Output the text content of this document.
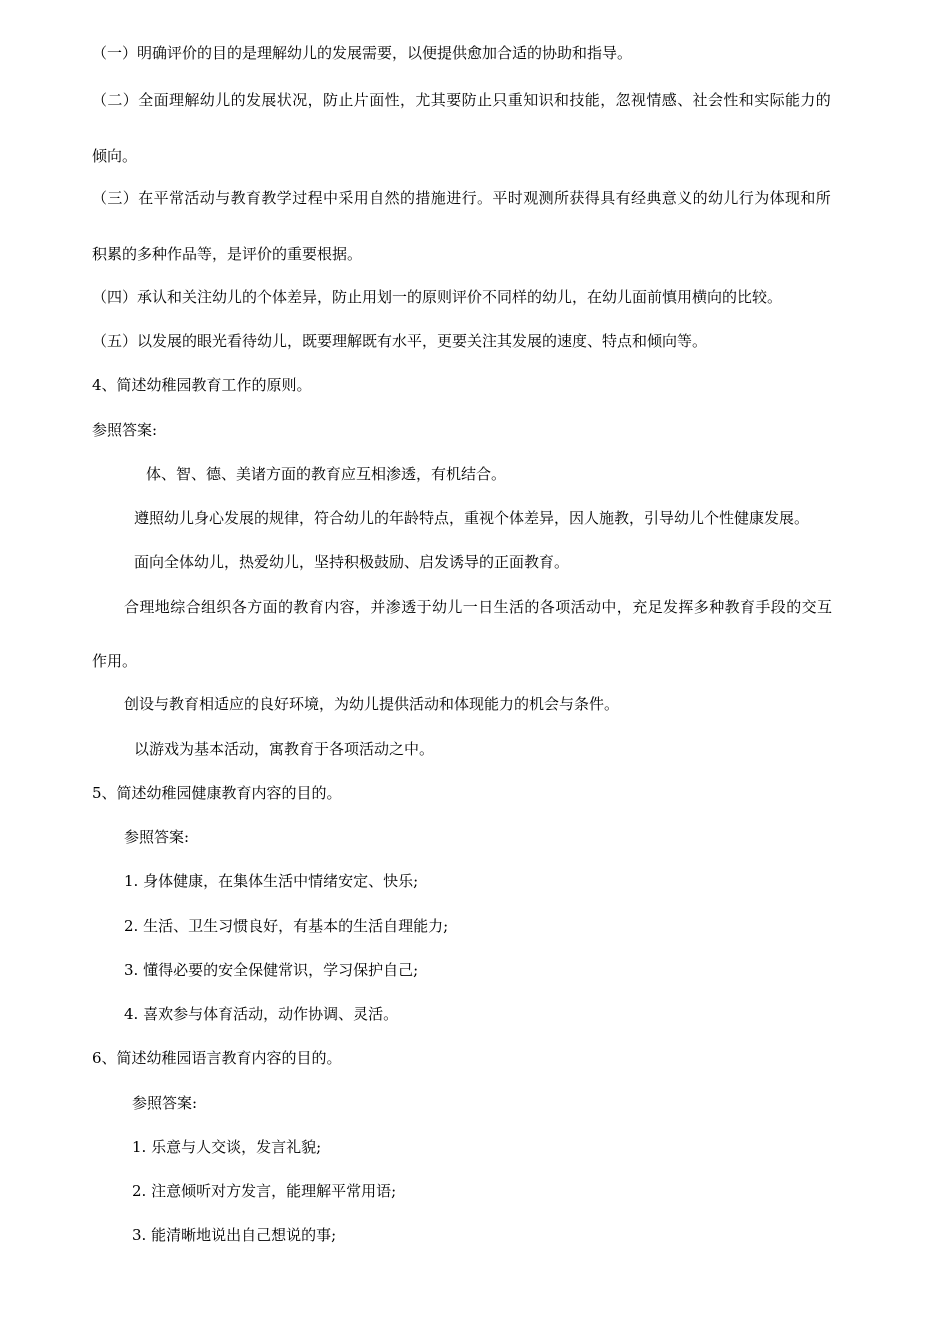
（一）明确评价的目的是理解幼儿的发展需要，以便提供愈加合适的协助和指导。
（二）全面理解幼儿的发展状况，防止片面性，尤其要防止只重知识和技能，忽视情感、社会性和实际能力的
倾向。
（三）在平常活动与教育教学过程中采用自然的措施进行。平时观测所获得具有经典意义的幼儿行为体现和所
积累的多种作品等，是评价的重要根据。
（四）承认和关注幼儿的个体差异，防止用划一的原则评价不同样的幼儿，在幼儿面前慎用横向的比较。
（五）以发展的眼光看待幼儿，既要理解既有水平，更要关注其发展的速度、特点和倾向等。
4、简述幼稚园教育工作的原则。
参照答案:
体、智、德、美诸方面的教育应互相渗透，有机结合。
遵照幼儿身心发展的规律，符合幼儿的年龄特点，重视个体差异，因人施教，引导幼儿个性健康发展。
面向全体幼儿，热爱幼儿，坚持积极鼓励、启发诱导的正面教育。
合理地综合组织各方面的教育内容，并渗透于幼儿一日生活的各项活动中，充足发挥多种教育手段的交互
作用。
创设与教育相适应的良好环境，为幼儿提供活动和体现能力的机会与条件。
以游戏为基本活动，寓教育于各项活动之中。
5、简述幼稚园健康教育内容的目的。
参照答案:
1. 身体健康，在集体生活中情绪安定、快乐;
2. 生活、卫生习惯良好，有基本的生活自理能力;
3. 懂得必要的安全保健常识，学习保护自己;
4. 喜欢参与体育活动，动作协调、灵活。
6、简述幼稚园语言教育内容的目的。
参照答案:
1. 乐意与人交谈，发言礼貌;
2. 注意倾听对方发言，能理解平常用语;
3. 能清晰地说出自己想说的事;
